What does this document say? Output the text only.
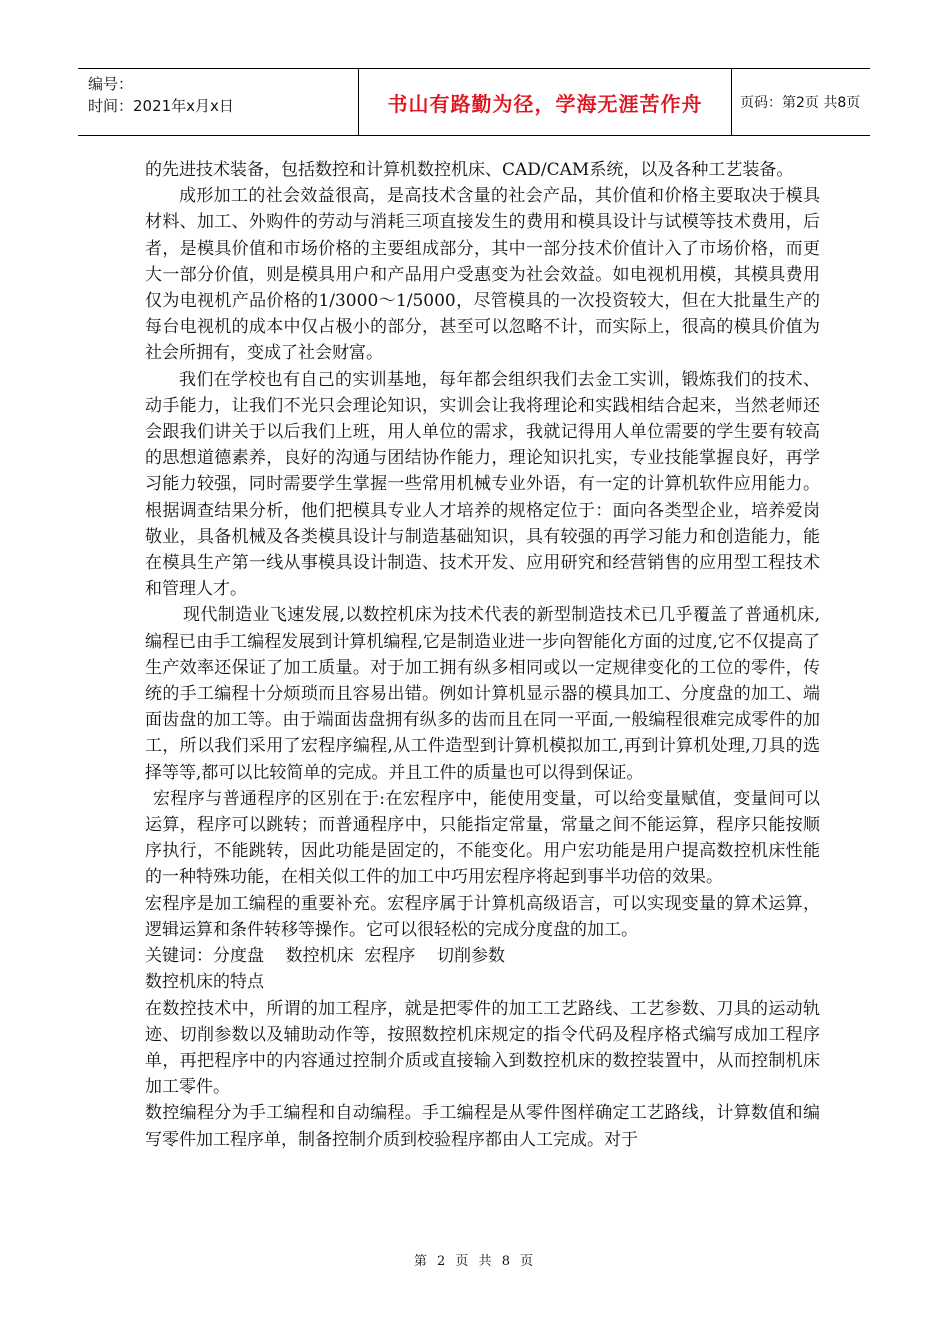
编号：
时间：2021年x月x日	书山有路勤为径，学海无涯苦作舟	页码：第2页 共8页

的先进技术装备，包括数控和计算机数控机床、CAD/CAM系统，以及各种工艺装备。

成形加工的社会效益很高，是高技术含量的社会产品，其价值和价格主要取决于模具材料、加工、外购件的劳动与消耗三项直接发生的费用和模具设计与试模等技术费用，后者，是模具价值和市场价格的主要组成部分，其中一部分技术价值计入了市场价格，而更大一部分价值，则是模具用户和产品用户受惠变为社会效益。如电视机用模，其模具费用仅为电视机产品价格的1/3000～1/5000，尽管模具的一次投资较大，但在大批量生产的每台电视机的成本中仅占极小的部分，甚至可以忽略不计，而实际上，很高的模具价值为社会所拥有，变成了社会财富。

我们在学校也有自己的实训基地，每年都会组织我们去金工实训，锻炼我们的技术、动手能力，让我们不光只会理论知识，实训会让我将理论和实践相结合起来，当然老师还会跟我们讲关于以后我们上班，用人单位的需求，我就记得用人单位需要的学生要有较高的思想道德素养，良好的沟通与团结协作能力，理论知识扎实，专业技能掌握良好，再学习能力较强，同时需要学生掌握一些常用机械专业外语，有一定的计算机软件应用能力。根据调查结果分析，他们把模具专业人才培养的规格定位于：面向各类型企业，培养爱岗敬业，具备机械及各类模具设计与制造基础知识，具有较强的再学习能力和创造能力，能在模具生产第一线从事模具设计制造、技术开发、应用研究和经营销售的应用型工程技术和管理人才。

现代制造业飞速发展,以数控机床为技术代表的新型制造技术已几乎覆盖了普通机床,编程已由手工编程发展到计算机编程,它是制造业进一步向智能化方面的过度,它不仅提高了生产效率还保证了加工质量。对于加工拥有纵多相同或以一定规律变化的工位的零件，传统的手工编程十分烦琐而且容易出错。例如计算机显示器的模具加工、分度盘的加工、端面齿盘的加工等。由于端面齿盘拥有纵多的齿而且在同一平面,一般编程很难完成零件的加工，所以我们采用了宏程序编程,从工件造型到计算机模拟加工,再到计算机处理,刀具的选择等等,都可以比较简单的完成。并且工件的质量也可以得到保证。

宏程序与普通程序的区别在于:在宏程序中，能使用变量，可以给变量赋值，变量间可以运算，程序可以跳转；而普通程序中，只能指定常量，常量之间不能运算，程序只能按顺序执行，不能跳转，因此功能是固定的，不能变化。用户宏功能是用户提高数控机床性能的一种特殊功能，在相关似工件的加工中巧用宏程序将起到事半功倍的效果。

宏程序是加工编程的重要补充。宏程序属于计算机高级语言，可以实现变量的算术运算，逻辑运算和条件转移等操作。它可以很轻松的完成分度盘的加工。

关键词：分度盘    数控机床  宏程序    切削参数

数控机床的特点

在数控技术中，所谓的加工程序，就是把零件的加工工艺路线、工艺参数、刀具的运动轨迹、切削参数以及辅助动作等，按照数控机床规定的指令代码及程序格式编写成加工程序单，再把程序中的内容通过控制介质或直接输入到数控机床的数控装置中，从而控制机床加工零件。

数控编程分为手工编程和自动编程。手工编程是从零件图样确定工艺路线，计算数值和编写零件加工程序单，制备控制介质到校验程序都由人工完成。对于

第 2 页 共 8 页
